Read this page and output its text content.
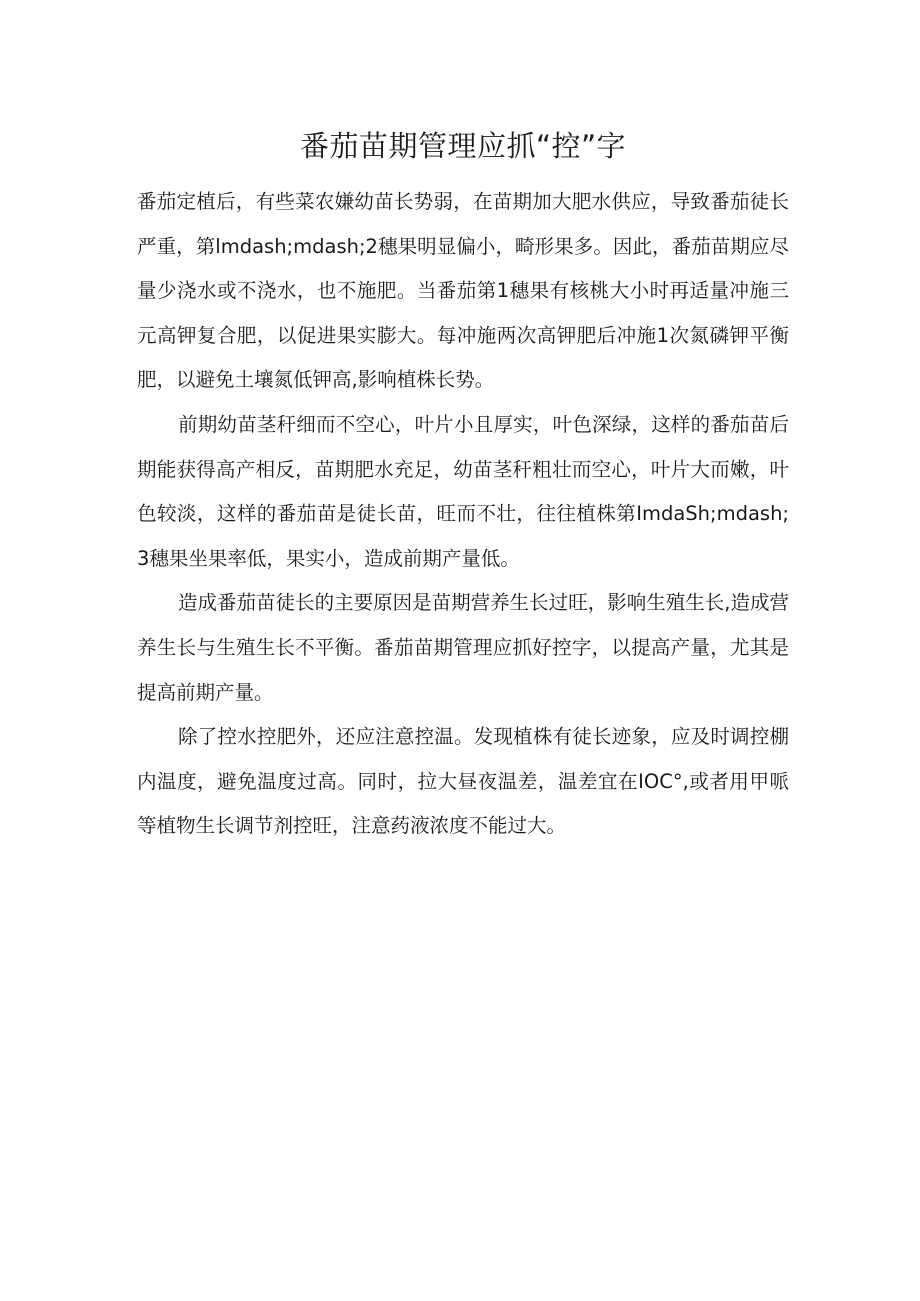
番茄苗期管理应抓“控”字

番茄定植后，有些菜农嫌幼苗长势弱，在苗期加大肥水供应，导致番茄徒长严重，第lmdash;mdash;2穗果明显偏小，畸形果多。因此，番茄苗期应尽量少浇水或不浇水，也不施肥。当番茄第1穗果有核桃大小时再适量冲施三元高钾复合肥，以促进果实膨大。每冲施两次高钾肥后冲施1次氮磷钾平衡肥，以避免土壤氮低钾高,影响植株长势。

前期幼苗茎秆细而不空心，叶片小且厚实，叶色深绿，这样的番茄苗后期能获得高产相反，苗期肥水充足，幼苗茎秆粗壮而空心，叶片大而嫩，叶色较淡，这样的番茄苗是徒长苗，旺而不壮，往往植株第ImdaSh;mdash;3穗果坐果率低，果实小，造成前期产量低。

造成番茄苗徒长的主要原因是苗期营养生长过旺，影响生殖生长,造成营养生长与生殖生长不平衡。番茄苗期管理应抓好控字，以提高产量，尤其是提高前期产量。

除了控水控肥外，还应注意控温。发现植株有徒长迹象，应及时调控棚内温度，避免温度过高。同时，拉大昼夜温差，温差宜在IOC°,或者用甲哌等植物生长调节剂控旺，注意药液浓度不能过大。
